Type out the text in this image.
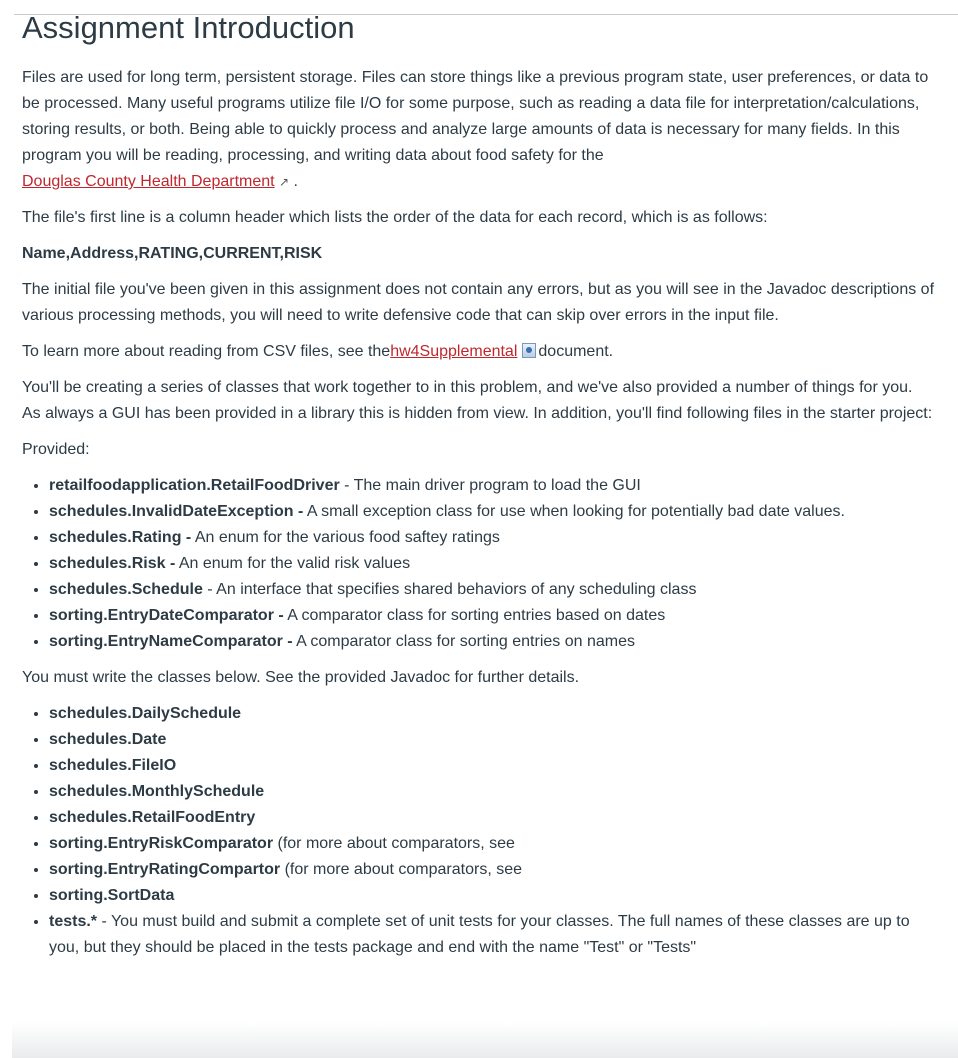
Assignment Introduction

Files are used for long term, persistent storage. Files can store things like a previous program state, user preferences, or data to be processed. Many useful programs utilize file I/O for some purpose, such as reading a data file for interpretation/calculations, storing results, or both. Being able to quickly process and analyze large amounts of data is necessary for many fields. In this program you will be reading, processing, and writing data about food safety for the
Douglas County Health Department ↗ .

The file's first line is a column header which lists the order of the data for each record, which is as follows:

Name,Address,RATING,CURRENT,RISK

The initial file you've been given in this assignment does not contain any errors, but as you will see in the Javadoc descriptions of various processing methods, you will need to write defensive code that can skip over errors in the input file.

To learn more about reading from CSV files, see thehw4Supplemental document.

You'll be creating a series of classes that work together to in this problem, and we've also provided a number of things for you. As always a GUI has been provided in a library this is hidden from view. In addition, you'll find following files in the starter project:

Provided:

• retailfoodapplication.RetailFoodDriver - The main driver program to load the GUI
• schedules.InvalidDateException - A small exception class for use when looking for potentially bad date values.
• schedules.Rating - An enum for the various food saftey ratings
• schedules.Risk - An enum for the valid risk values
• schedules.Schedule - An interface that specifies shared behaviors of any scheduling class
• sorting.EntryDateComparator - A comparator class for sorting entries based on dates
• sorting.EntryNameComparator - A comparator class for sorting entries on names

You must write the classes below. See the provided Javadoc for further details.

• schedules.DailySchedule
• schedules.Date
• schedules.FileIO
• schedules.MonthlySchedule
• schedules.RetailFoodEntry
• sorting.EntryRiskComparator (for more about comparators, see
• sorting.EntryRatingCompartor (for more about comparators, see
• sorting.SortData
• tests.* - You must build and submit a complete set of unit tests for your classes. The full names of these classes are up to you, but they should be placed in the tests package and end with the name "Test" or "Tests"
